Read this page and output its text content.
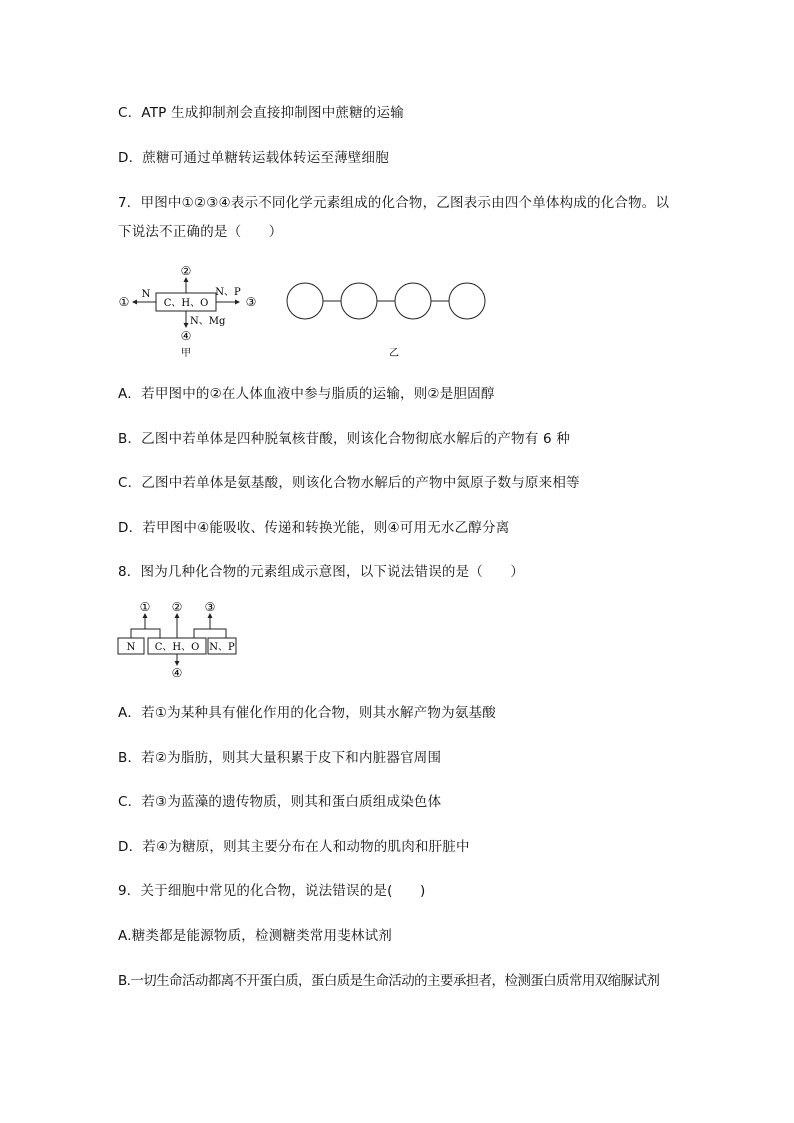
C．ATP 生成抑制剂会直接抑制图中蔗糖的运输
D．蔗糖可通过单糖转运载体转运至薄壁细胞
7．甲图中①②③④表示不同化学元素组成的化合物，乙图表示由四个单体构成的化合物。以
下说法不正确的是（　　）
C、H、O
N
①
②
N、P
③
N、Mg
④
甲	乙
A．若甲图中的②在人体血液中参与脂质的运输，则②是胆固醇
B．乙图中若单体是四种脱氧核苷酸，则该化合物彻底水解后的产物有 6 种
C．乙图中若单体是氨基酸，则该化合物水解后的产物中氮原子数与原来相等
D．若甲图中④能吸收、传递和转换光能，则④可用无水乙醇分离
8．图为几种化合物的元素组成示意图，以下说法错误的是（　　）
N C、H、O N、P
① ② ③
④
A．若①为某种具有催化作用的化合物，则其水解产物为氨基酸
B．若②为脂肪，则其大量积累于皮下和内脏器官周围
C．若③为蓝藻的遗传物质，则其和蛋白质组成染色体
D．若④为糖原，则其主要分布在人和动物的肌肉和肝脏中
9．关于细胞中常见的化合物，说法错误的是(　　)
A.糖类都是能源物质，检测糖类常用斐林试剂
B.一切生命活动都离不开蛋白质，蛋白质是生命活动的主要承担者，检测蛋白质常用双缩脲试剂
